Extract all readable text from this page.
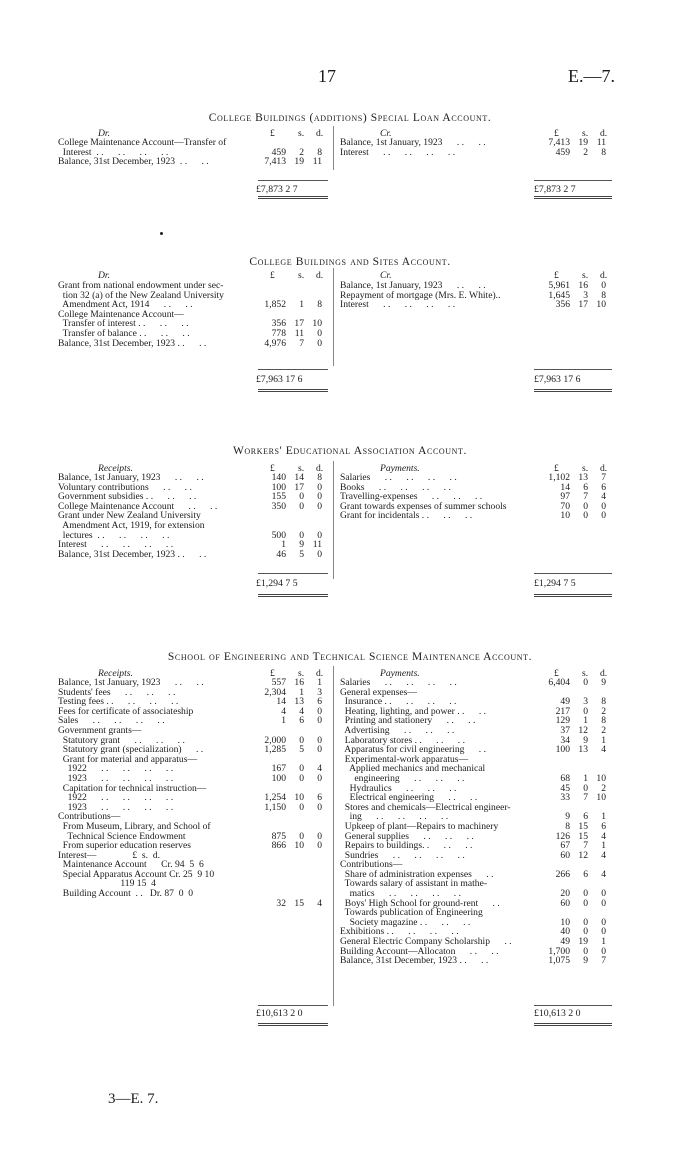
17	E.—7.
College Buildings (additions) Special Loan Account.
Dr.	Cr.
£ s. d.	£ s. d.
College Maintenance Account—Transfer of
Interest  . .      . .      . .      . .	459	2	8
Balance, 31st December, 1923  . .      . .	7,413 19 11
Balance, 1st January, 1923      . .      . .	7,413 19 11
Interest      . .      . .      . .      . .	459	2	8
£7,873 2 7	£7,873 2 7
College Buildings and Sites Account.
Dr.	Cr.
£ s. d.	£ s. d.
Grant from national endowment under sec-
tion 32 (a) of the New Zealand University
Amendment Act, 1914      . .      . .	1,852	1	8
College Maintenance Account—
Transfer of interest . .      . .      . .	356 17 10
Transfer of balance . .      . .      . .	778 11	0
Balance, 31st December, 1923 . .      . .	4,976	7	0
Balance, 1st January, 1923      . .      . .	5,961 16	0
Repayment of mortgage (Mrs. E. White)..	1,645	3	8
Interest      . .      . .      . .      . .	356 17 10
£7,963 17 6	£7,963 17 6
Workers' Educational Association Account.
Receipts.	Payments.
£ s. d.	£ s. d.
Balance, 1st January, 1923      . .      . .	140 14	8
Voluntary contributions      . .      . .	100 17	0
Government subsidies . .      . .      . .	155	0	0
College Maintenance Account      . .      . .	350	0	0
Grant under New Zealand University
Amendment Act, 1919, for extension
lectures  . .      . .      . .      . .	500	0	0
Interest      . .      . .      . .      . .	1	9 11
Balance, 31st December, 1923 . .      . .	46	5	0
Salaries      . .      . .      . .      . .	1,102 13	7
Books      . .      . .      . .      . .	14	6	6
Travelling-expenses      . .      . .      . .	97	7	4
Grant towards expenses of summer schools	70	0	0
Grant for incidentals . .      . .      . .	10	0	0
£1,294 7 5	£1,294 7 5
School of Engineering and Technical Science Maintenance Account.
Receipts.	Payments.
£ s. d.	£ s. d.
Balance, 1st January, 1923      . .      . .	557 16	1
Students' fees      . .      . .      . .	2,304	1	3
Testing fees . .      . .      . .      . .	14 13	6
Fees for certificate of associateship	4	4	0
Sales      . .      . .      . .      . .	1	6	0
Government grants—
Statutory grant      . .      . .      . .	2,000	0	0
Statutory grant (specialization)      . .	1,285	5	0
Grant for material and apparatus—
1922      . .      . .      . .      . .	167	0	4
1923      . .      . .      . .      . .	100	0	0
Capitation for technical instruction—
1922      . .      . .      . .      . .	1,254 10	6
1923      . .      . .      . .      . .	1,150	0	0
Contributions—
From Museum, Library, and School of
Technical Science Endowment	875	0	0
From superior education reserves	866 10	0
Interest—               £  s.  d.
Maintenance Account      Cr. 94  5  6
Special Apparatus Account Cr. 25  9 10
119 15  4
Building Account  . .   Dr. 87  0  0
32 15	4
Salaries      . .      . .      . .      . .	6,404	0	9
General expenses—
Insurance . .      . .      . .      . .	49	3	8
Heating, lighting, and power . .      . .	217	0	2
Printing and stationery      . .      . .	129	1	8
Advertising      . .      . .      . .	37 12	2
Laboratory stores . .      . .      . .	34	9	1
Apparatus for civil engineering      . .	100 13	4
Experimental-work apparatus—
Applied mechanics and mechanical
engineering      . .      . .      . .	68	1 10
Hydraulics      . .      . .      . .	45	0	2
Electrical engineering      . .      . .	33	7 10
Stores and chemicals—Electrical engineer-
ing      . .      . .      . .      . .	9	6	1
Upkeep of plant—Repairs to machinery	8 15	6
General supplies      . .      . .      . .	126 15	4
Repairs to buildings. .      . .      . .	67	7	1
Sundries      . .      . .      . .      . .	60 12	4
Contributions—
Share of administration expenses      . .	266	6	4
Towards salary of assistant in mathe-
matics      . .      . .      . .      . .	20	0	0
Boys' High School for ground-rent      . .	60	0	0
Towards publication of Engineering
Society magazine . .      . .      . .	10	0	0
Exhibitions . .      . .      . .      . .	40	0	0
General Electric Company Scholarship      . .	49 19	1
Building Account—Allocaton      . .      . .	1,700	0	0
Balance, 31st December, 1923 . .      . .	1,075	9	7
£10,613 2 0	£10,613 2 0
3—E. 7.
